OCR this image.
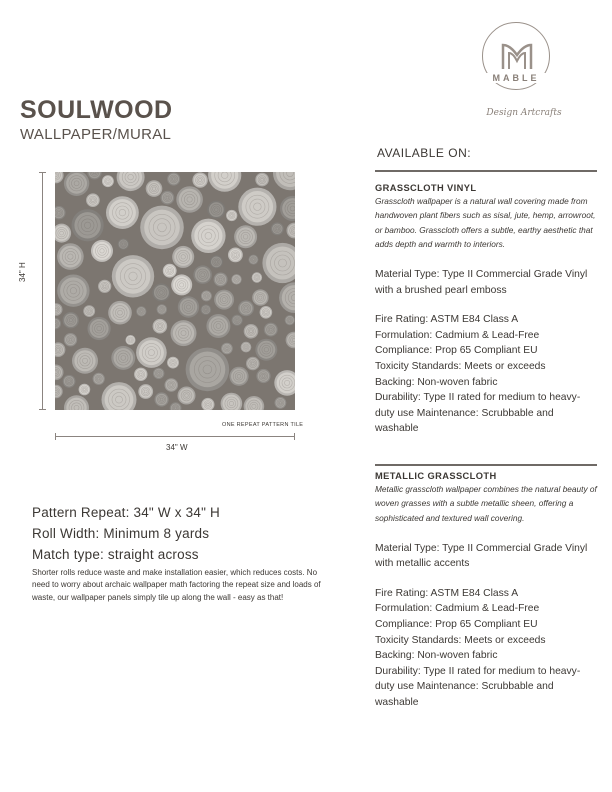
MABLE
Design Artcrafts
SOULWOOD
WALLPAPER/MURAL
AVAILABLE ON:
34" H
ONE REPEAT PATTERN TILE
34" W
Pattern Repeat: 34" W x 34" H
Roll Width: Minimum 8 yards
Match type: straight across
Shorter rolls reduce waste and make installation easier, which reduces costs. No need to worry about archaic wallpaper math factoring the repeat size and loads of waste, our wallpaper panels simply tile up along the wall - easy as that!
GRASSCLOTH VINYL
Grasscloth wallpaper is a natural wall covering made from handwoven plant fibers such as sisal, jute, hemp, arrowroot, or bamboo. Grasscloth offers a subtle, earthy aesthetic that adds depth and warmth to interiors.
Material Type: Type II Commercial Grade Vinyl with a brushed pearl emboss
Fire Rating: ASTM E84 Class A
Formulation: Cadmium & Lead-Free
Compliance: Prop 65 Compliant EU
Toxicity Standards: Meets or exceeds
Backing: Non-woven fabric
Durability: Type II rated for medium to heavy-duty use Maintenance: Scrubbable and washable
METALLIC GRASSCLOTH
Metallic grasscloth wallpaper combines the natural beauty of woven grasses with a subtle metallic sheen, offering a sophisticated and textured wall covering.
Material Type: Type II Commercial Grade Vinyl with metallic accents
Fire Rating: ASTM E84 Class A
Formulation: Cadmium & Lead-Free
Compliance: Prop 65 Compliant EU
Toxicity Standards: Meets or exceeds
Backing: Non-woven fabric
Durability: Type II rated for medium to heavy-duty use Maintenance: Scrubbable and washable
